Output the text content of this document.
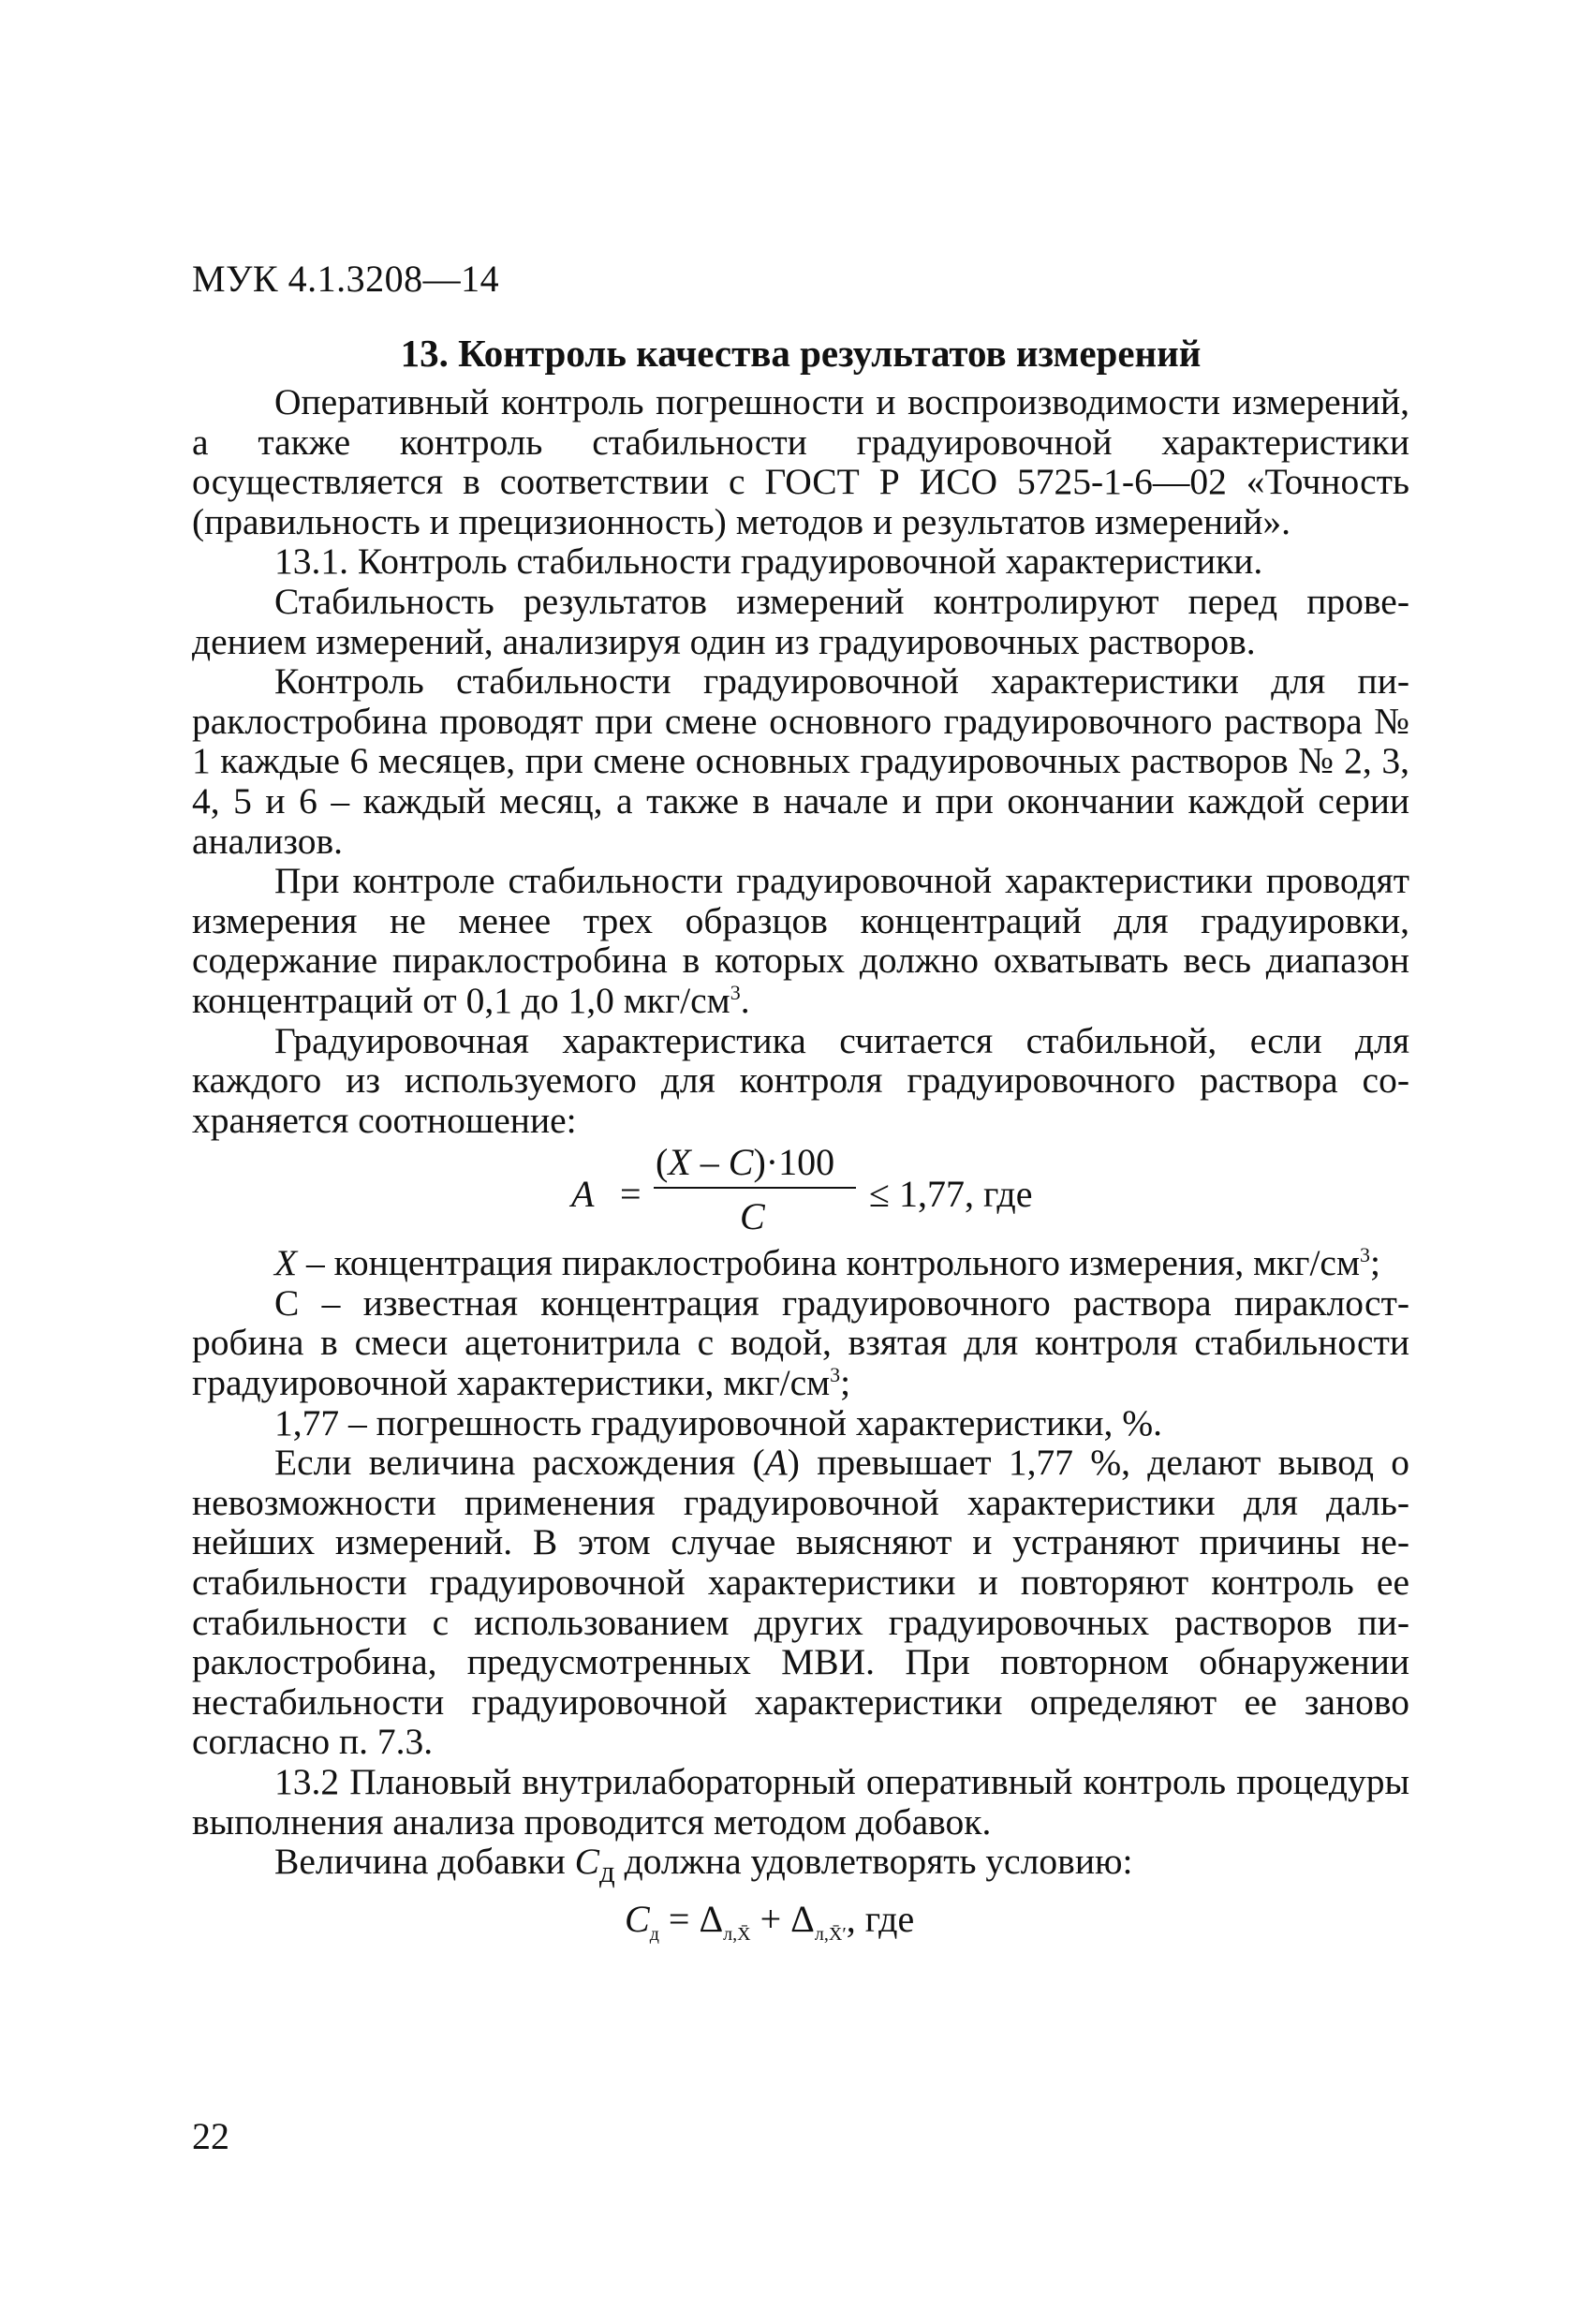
МУК 4.1.3208—14

13. Контроль качества результатов измерений

Оперативный контроль погрешности и воспроизводимости измерений, а также контроль стабильности градуировочной характеристики осуществляется в соответствии с ГОСТ Р ИСО 5725-1-6—02 «Точность (правильность и прецизионность) методов и результатов измерений».

13.1. Контроль стабильности градуировочной характеристики.

Стабильность результатов измерений контролируют перед проведением измерений, анализируя один из градуировочных растворов.

Контроль стабильности градуировочной характеристики для пираклостробина проводят при смене основного градуировочного раствора № 1 каждые 6 месяцев, при смене основных градуировочных растворов № 2, 3, 4, 5 и 6 – каждый месяц, а также в начале и при окончании каждой серии анализов.

При контроле стабильности градуировочной характеристики проводят измерения не менее трех образцов концентраций для градуировки, содержание пираклостробина в которых должно охватывать весь диапазон концентраций от 0,1 до 1,0 мкг/$см^3$.

Градуировочная характеристика считается стабильной, если для каждого из используемого для контроля градуировочного раствора сохраняется соотношение:

A =
(X – C)·100
C
≤ 1,77, где

X – концентрация пираклостробина контрольного измерения, мкг/$см^3$;

С – известная концентрация градуировочного раствора пираклостробина в смеси ацетонитрила с водой, взятая для контроля стабильности градуировочной характеристики, мкг/$см^3$;

1,77 – погрешность градуировочной характеристики, %.

Если величина расхождения (А) превышает 1,77 %, делают вывод о невозможности применения градуировочной характеристики для дальнейших измерений. В этом случае выясняют и устраняют причины нестабильности градуировочной характеристики и повторяют контроль ее стабильности с использованием других градуировочных растворов пираклостробина, предусмотренных МВИ. При повторном обнаружении нестабильности градуировочной характеристики определяют ее заново согласно п. 7.3.

13.2 Плановый внутрилабораторный оперативный контроль процедуры выполнения анализа проводится методом добавок.

Величина добавки $С_д$ должна удовлетворять условию:

$С_д = \Delta_{л,X̄} + \Delta_{л,X̄'}$, где

22
